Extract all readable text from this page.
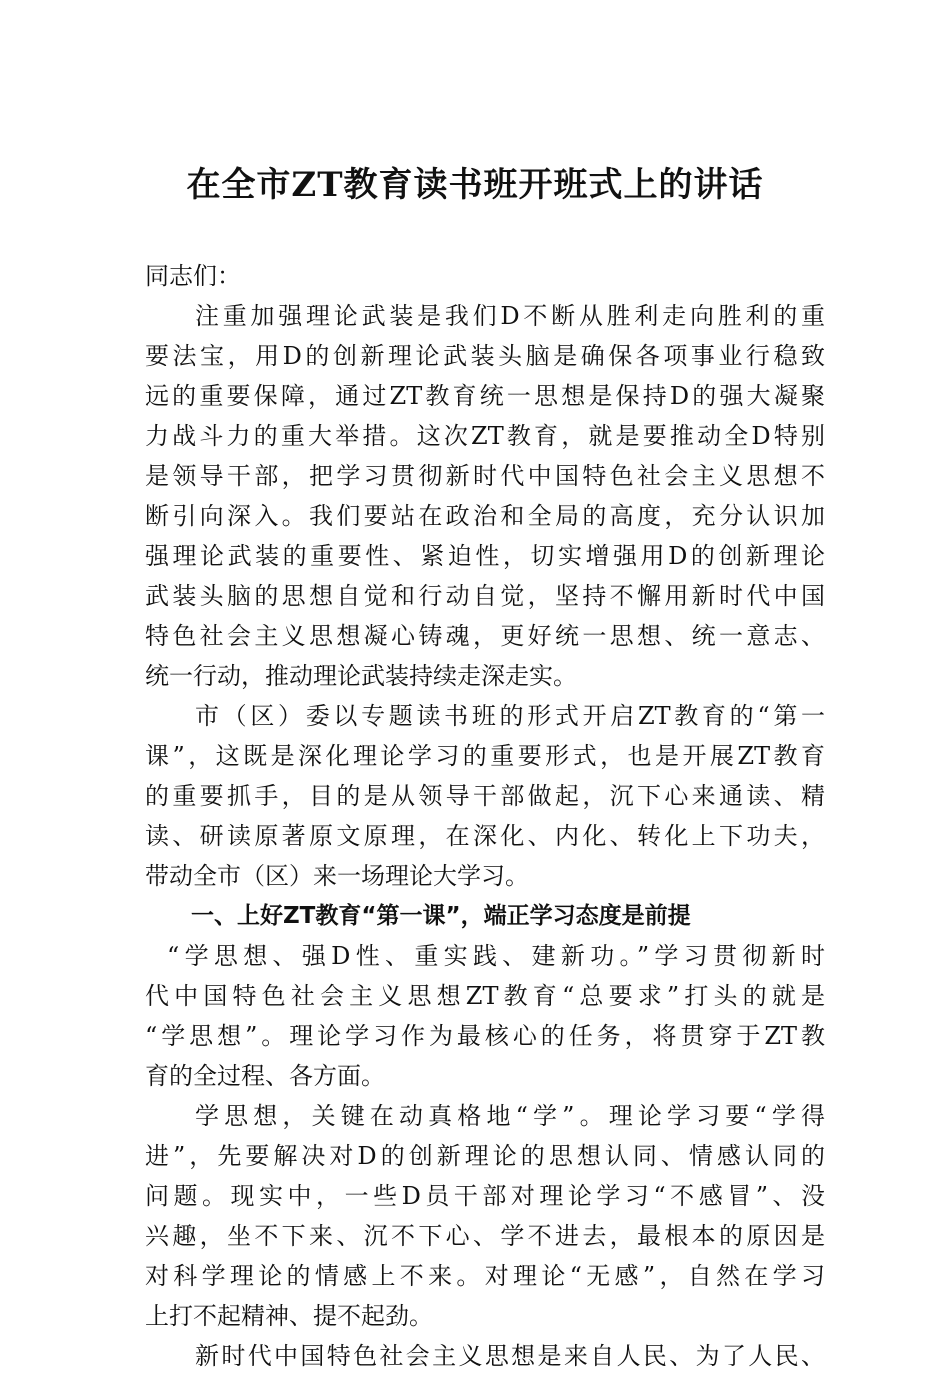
在全市ZT教育读书班开班式上的讲话
同志们：
注重加强理论武装是我们D不断从胜利走向胜利的重
要法宝，用D的创新理论武装头脑是确保各项事业行稳致
远的重要保障，通过ZT教育统一思想是保持D的强大凝聚
力战斗力的重大举措。这次ZT教育，就是要推动全D特别
是领导干部，把学习贯彻新时代中国特色社会主义思想不
断引向深入。我们要站在政治和全局的高度，充分认识加
强理论武装的重要性、紧迫性，切实增强用D的创新理论
武装头脑的思想自觉和行动自觉，坚持不懈用新时代中国
特色社会主义思想凝心铸魂，更好统一思想、统一意志、
统一行动，推动理论武装持续走深走实。
市（区）委以专题读书班的形式开启ZT教育的“第一
课”，这既是深化理论学习的重要形式，也是开展ZT教育
的重要抓手，目的是从领导干部做起，沉下心来通读、精
读、研读原著原文原理，在深化、内化、转化上下功夫，
带动全市（区）来一场理论大学习。
一、上好ZT教育“第一课”，端正学习态度是前提
“学思想、强D性、重实践、建新功。”学习贯彻新时
代中国特色社会主义思想ZT教育“总要求”打头的就是
“学思想”。理论学习作为最核心的任务，将贯穿于ZT教
育的全过程、各方面。
学思想，关键在动真格地“学”。理论学习要“学得
进”，先要解决对D的创新理论的思想认同、情感认同的
问题。现实中，一些D员干部对理论学习“不感冒”、没
兴趣，坐不下来、沉不下心、学不进去，最根本的原因是
对科学理论的情感上不来。对理论“无感”，自然在学习
上打不起精神、提不起劲。
新时代中国特色社会主义思想是来自人民、为了人民、
